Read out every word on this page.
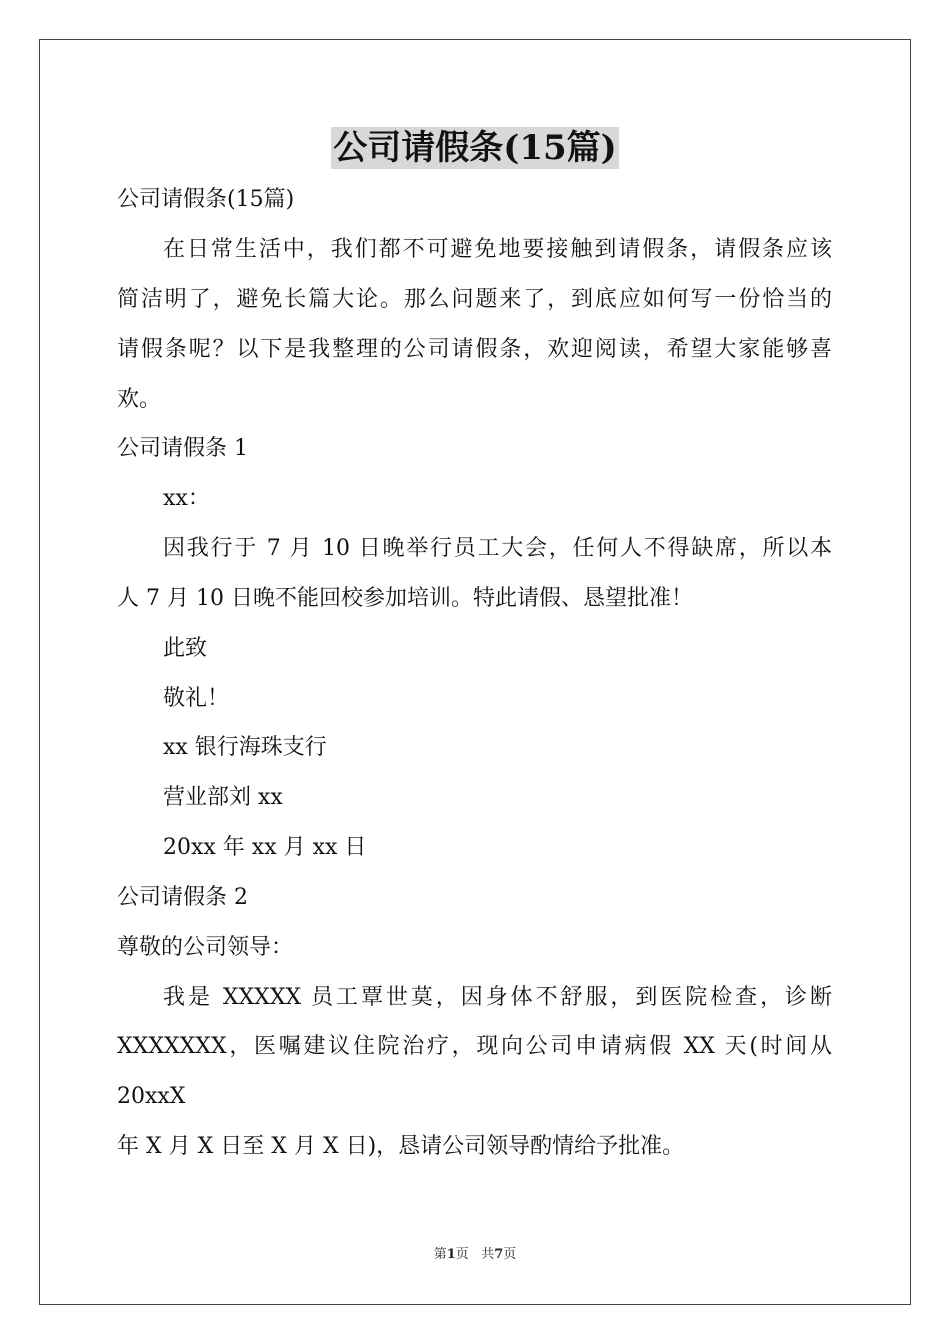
公司请假条(15篇)
公司请假条(15篇)
在日常生活中，我们都不可避免地要接触到请假条，请假条应该
简洁明了，避免长篇大论。那么问题来了，到底应如何写一份恰当的
请假条呢？以下是我整理的公司请假条，欢迎阅读，希望大家能够喜
欢。
公司请假条 1
xx：
因我行于 7 月 10 日晚举行员工大会，任何人不得缺席，所以本
人 7 月 10 日晚不能回校参加培训。特此请假、恳望批准！
此致
敬礼！
xx 银行海珠支行
营业部刘 xx
20xx 年 xx 月 xx 日
公司请假条 2
尊敬的公司领导：
我是 XXXXX 员工覃世莫，因身体不舒服，到医院检查，诊断
XXXXXXX，医嘱建议住院治疗，现向公司申请病假 XX 天(时间从
20xxX
年 X 月 X 日至 X 月 X 日)，恳请公司领导酌情给予批准。
第1页 共7页
